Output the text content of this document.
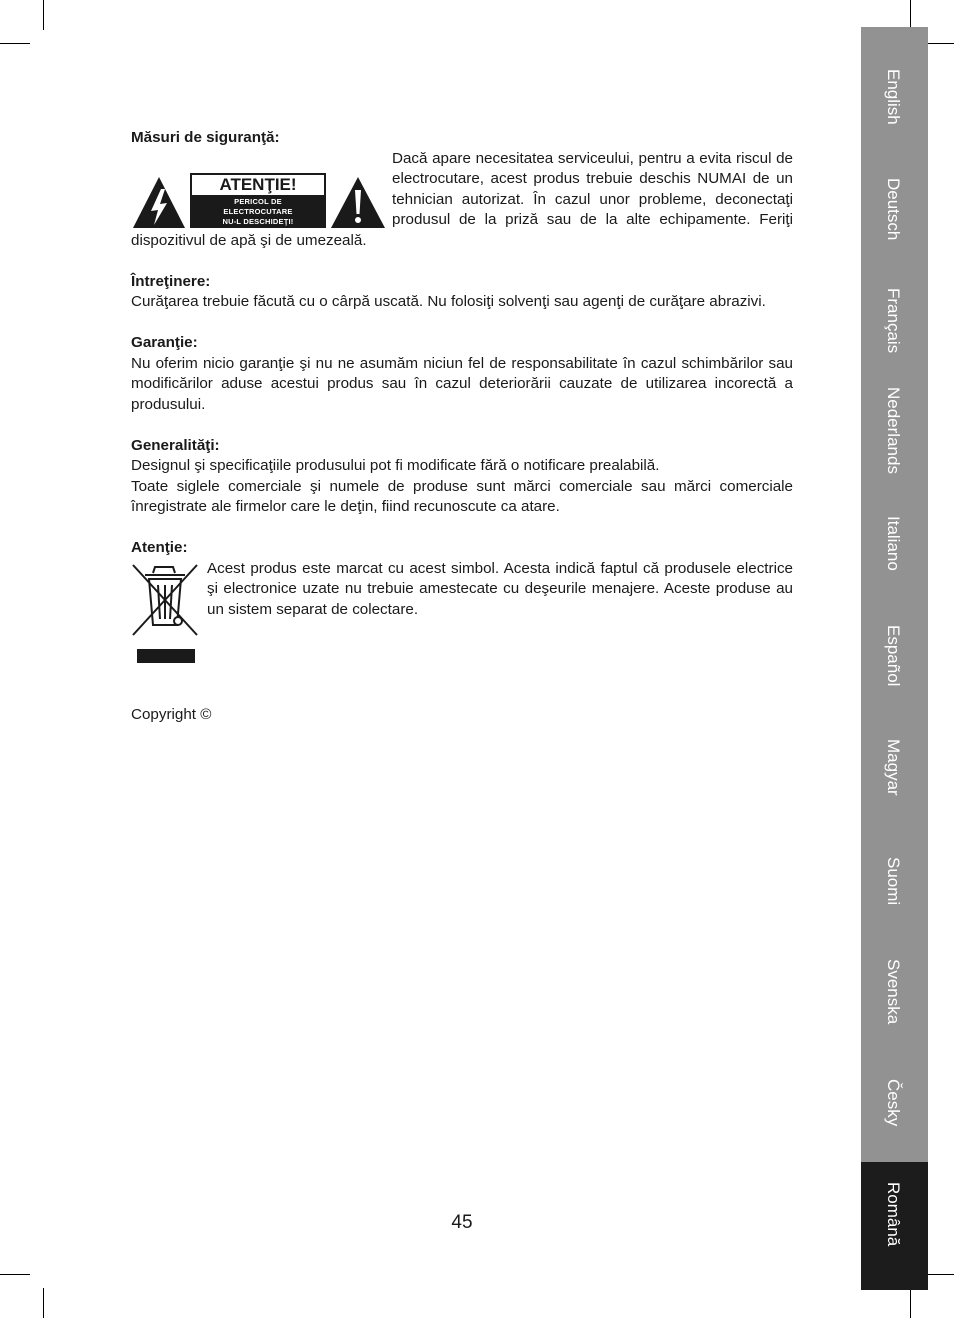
Măsuri de siguranţă:
ATENŢIE!
PERICOL DE
ELECTROCUTARE
NU-L DESCHIDEŢI!
Dacă apare necesitatea serviceului, pentru a evita riscul de electrocutare, acest produs trebuie deschis NUMAI de un tehnician autorizat. În cazul unor probleme, deconectaţi produsul de la priză sau de la alte echipamente. Feriţi dispozitivul de apă şi de umezeală.
Întreţinere:
Curăţarea trebuie făcută cu o cârpă uscată. Nu folosiţi solvenţi sau agenţi de curăţare abrazivi.
Garanţie:
Nu oferim nicio garanţie şi nu ne asumăm niciun fel de responsabilitate în cazul schimbărilor sau modificărilor aduse acestui produs sau în cazul deteriorării cauzate de utilizarea incorectă a produsului.
Generalităţi:
Designul şi specificaţiile produsului pot fi modificate fără o notificare prealabilă.
Toate siglele comerciale şi numele de produse sunt mărci comerciale sau mărci comerciale înregistrate ale firmelor care le deţin, fiind recunoscute ca atare.
Atenţie:
Acest produs este marcat cu acest simbol. Acesta indică faptul că produsele electrice şi electronice uzate nu trebuie amestecate cu deşeurile menajere. Aceste produse au un sistem separat de colectare.
Copyright ©
45
English
Deutsch
Français
Nederlands
Italiano
Español
Magyar
Suomi
Svenska
Česky
Română
